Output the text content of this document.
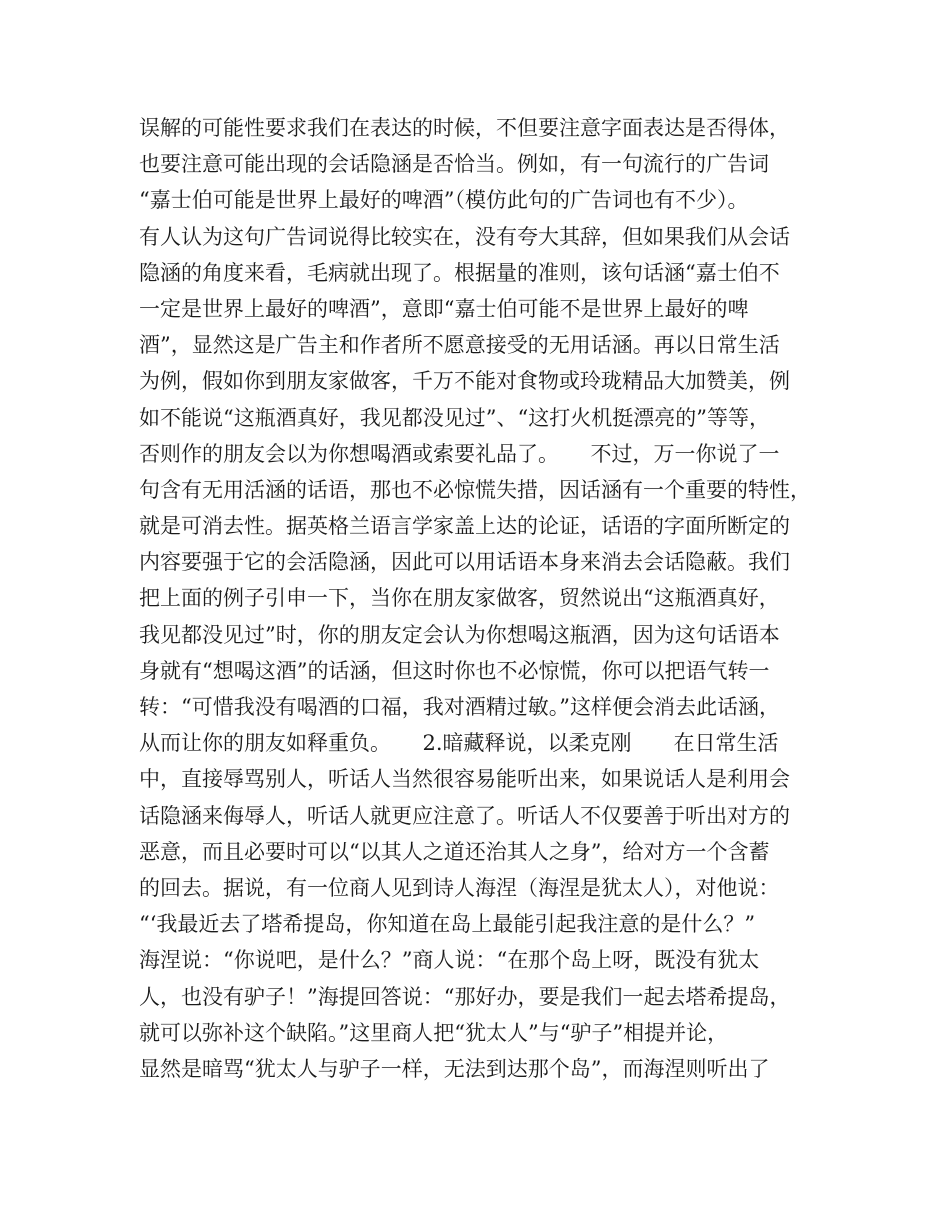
误解的可能性要求我们在表达的时候，不但要注意字面表达是否得体，
也要注意可能出现的会话隐涵是否恰当。例如，有一句流行的广告词
“嘉士伯可能是世界上最好的啤酒”（模仿此句的广告词也有不少）。
有人认为这句广告词说得比较实在，没有夸大其辞，但如果我们从会话
隐涵的角度来看，毛病就出现了。根据量的准则，该句话涵“嘉士伯不
一定是世界上最好的啤酒”，意即“嘉士伯可能不是世界上最好的啤
酒”，显然这是广告主和作者所不愿意接受的无用话涵。再以日常生活
为例，假如你到朋友家做客，千万不能对食物或玲珑精品大加赞美，例
如不能说“这瓶酒真好，我见都没见过”、“这打火机挺漂亮的”等等，
否则作的朋友会以为你想喝酒或索要礼品了。　　不过，万一你说了一
句含有无用活涵的话语，那也不必惊慌失措，因话涵有一个重要的特性，
就是可消去性。据英格兰语言学家盖上达的论证，话语的字面所断定的
内容要强于它的会活隐涵，因此可以用话语本身来消去会话隐蔽。我们
把上面的例子引申一下，当你在朋友家做客，贸然说出“这瓶酒真好，
我见都没见过”时，你的朋友定会认为你想喝这瓶酒，因为这句话语本
身就有“想喝这酒”的话涵，但这时你也不必惊慌，你可以把语气转一
转：“可惜我没有喝酒的口福，我对酒精过敏。”这样便会消去此话涵，
从而让你的朋友如释重负。　　2.暗藏释说，以柔克刚　　在日常生活
中，直接辱骂别人，听话人当然很容易能听出来，如果说话人是利用会
话隐涵来侮辱人，听话人就更应注意了。听话人不仅要善于听出对方的
恶意，而且必要时可以“以其人之道还治其人之身”，给对方一个含蓄
的回去。据说，有一位商人见到诗人海涅（海涅是犹太人），对他说：
“‘我最近去了塔希提岛，你知道在岛上最能引起我注意的是什么？”
海涅说：“你说吧，是什么？”商人说：“在那个岛上呀，既没有犹太
人，也没有驴子！”海提回答说：“那好办，要是我们一起去塔希提岛，
就可以弥补这个缺陷。”这里商人把“犹太人”与“驴子”相提并论，
显然是暗骂“犹太人与驴子一样，无法到达那个岛”，而海涅则听出了
